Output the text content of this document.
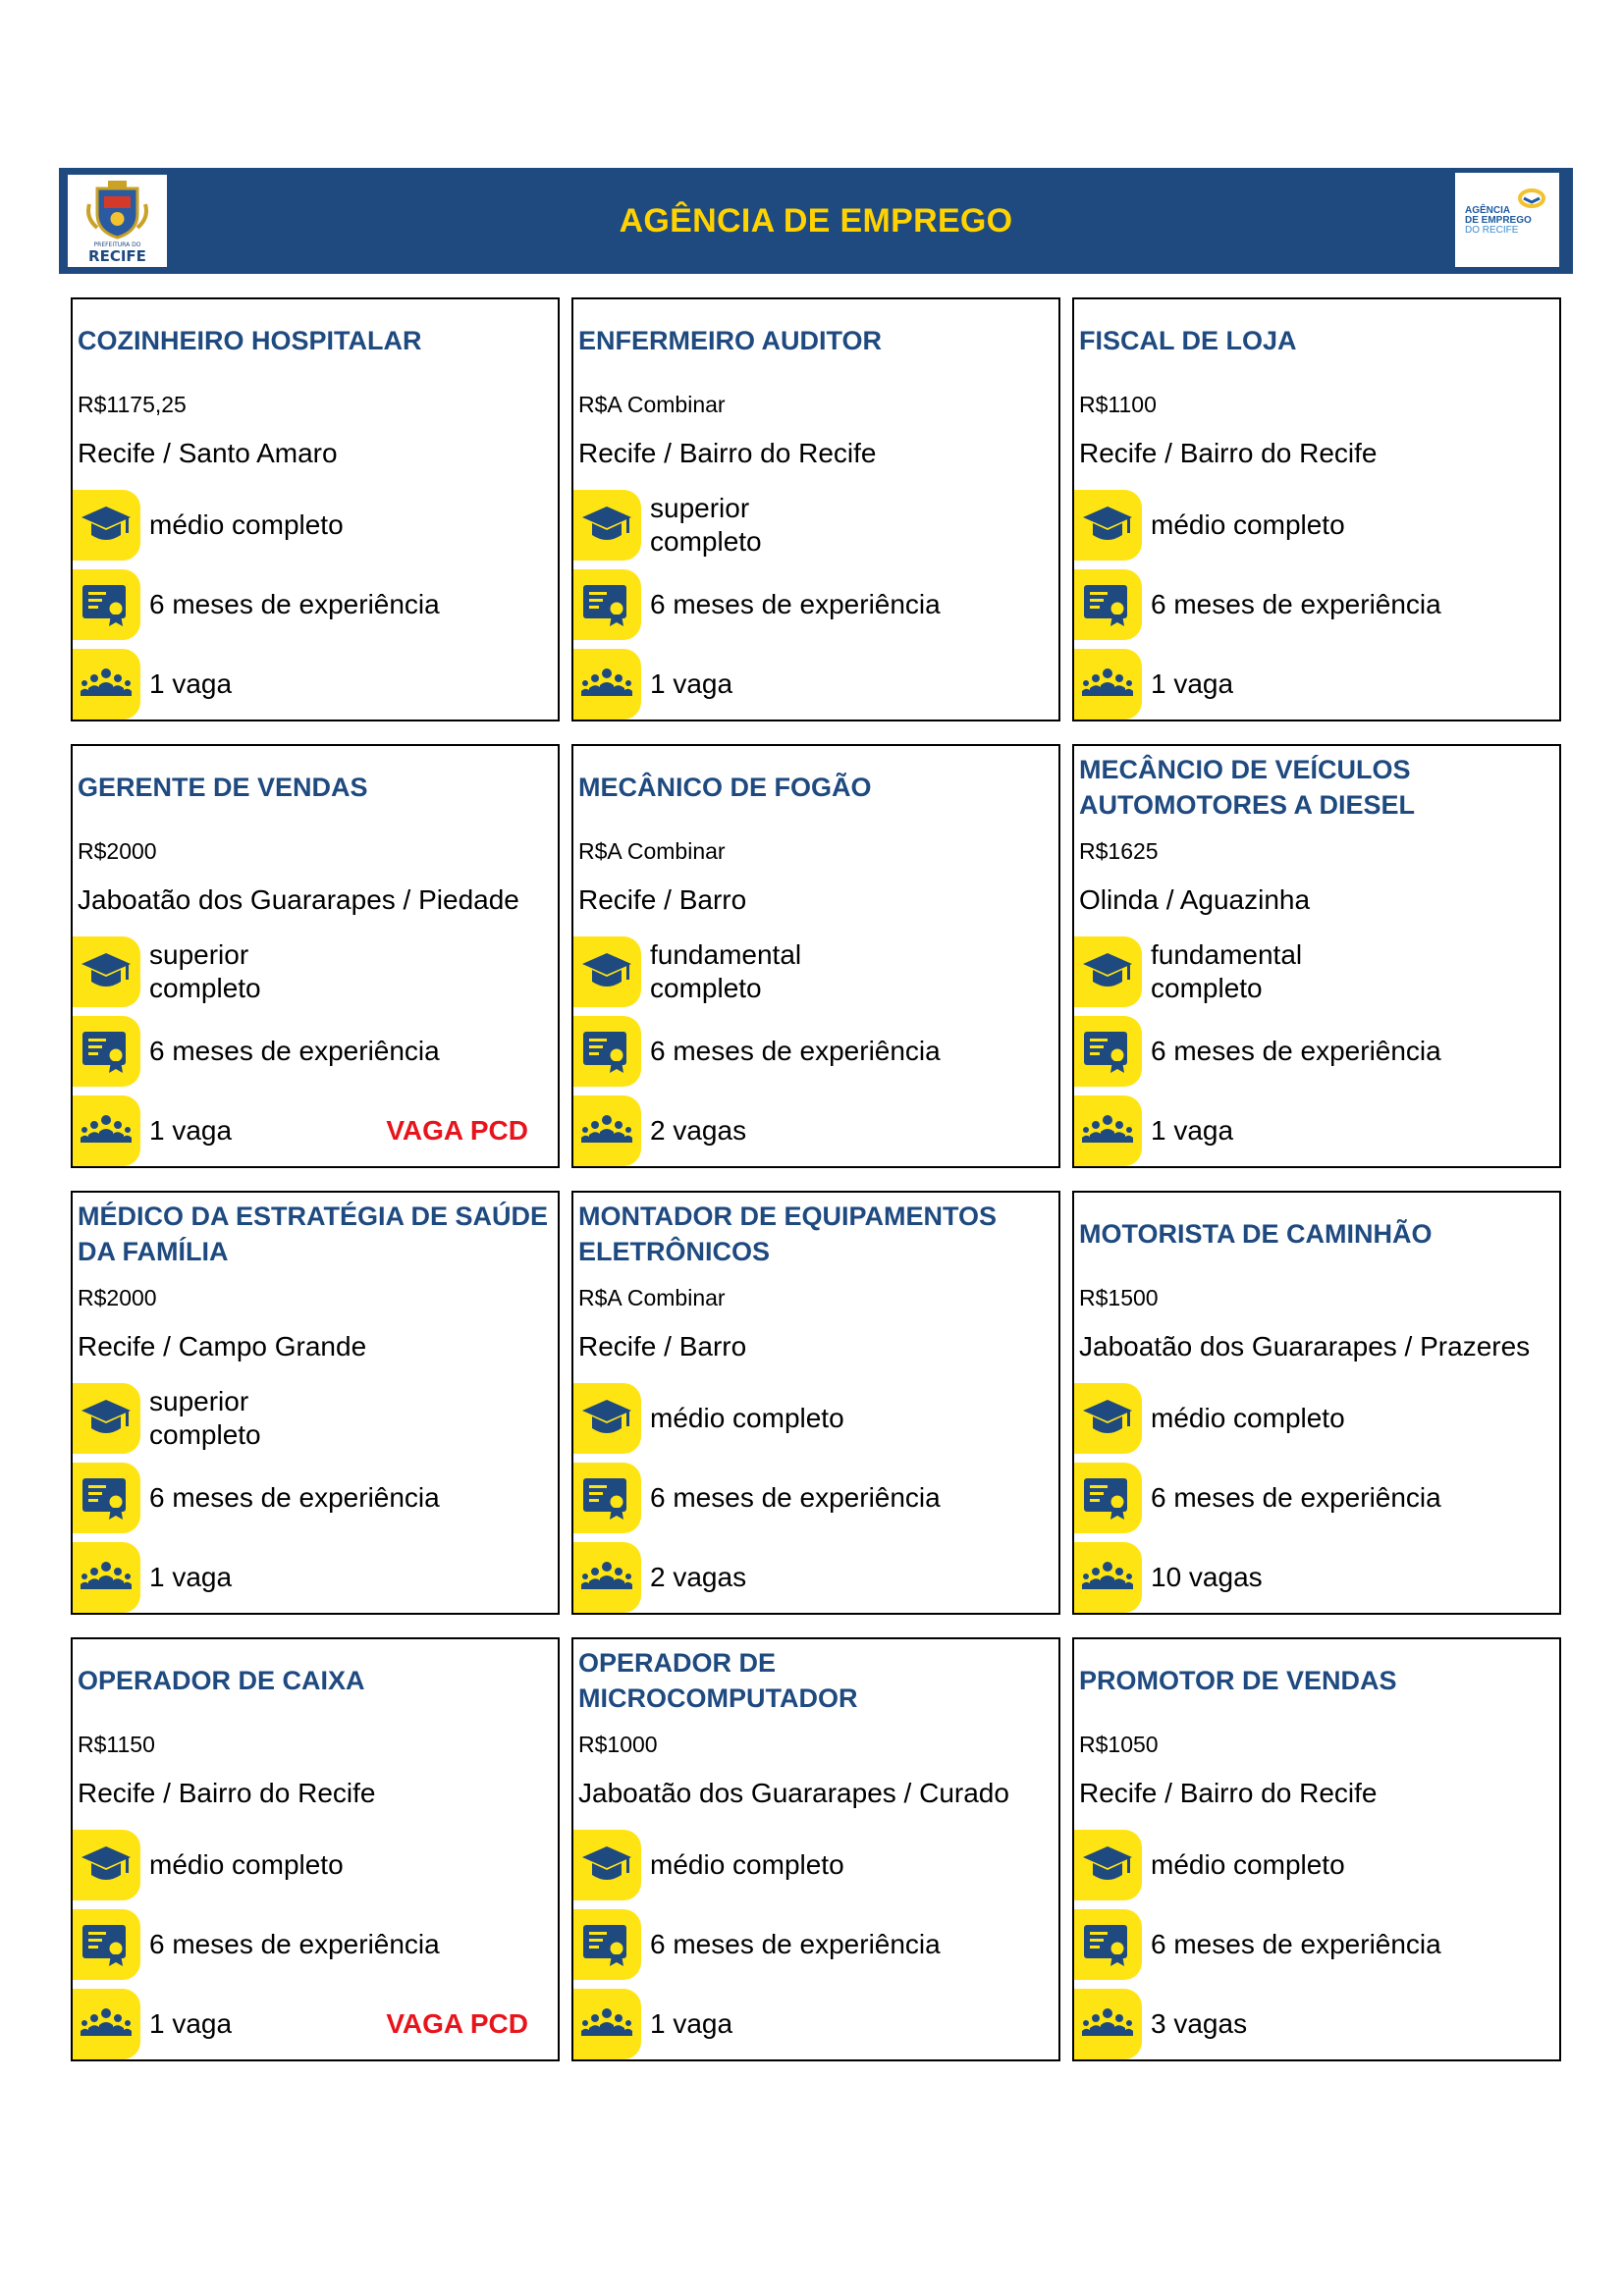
PREFEITURA DO
RECIFE
AGÊNCIA DE EMPREGO	AGÊNCIA
DE EMPREGO
DO RECIFE
COZINHEIRO HOSPITALAR
R$1175,25
Recife / Santo Amaro
médio completo
6 meses de experiência
1 vaga
ENFERMEIRO AUDITOR
R$A Combinar
Recife / Bairro do Recife
superior completo
6 meses de experiência
1 vaga
FISCAL DE LOJA
R$1100
Recife / Bairro do Recife
médio completo
6 meses de experiência
1 vaga
GERENTE DE VENDAS
R$2000
Jaboatão dos Guararapes / Piedade
superior completo
6 meses de experiência
1 vaga	VAGA PCD
MECÂNICO DE FOGÃO
R$A Combinar
Recife / Barro
fundamental completo
6 meses de experiência
2 vagas
MECÂNCIO DE VEÍCULOS AUTOMOTORES A DIESEL
R$1625
Olinda / Aguazinha
fundamental completo
6 meses de experiência
1 vaga
MÉDICO DA ESTRATÉGIA DE SAÚDE DA FAMÍLIA
R$2000
Recife / Campo Grande
superior completo
6 meses de experiência
1 vaga
MONTADOR DE EQUIPAMENTOS ELETRÔNICOS
R$A Combinar
Recife / Barro
médio completo
6 meses de experiência
2 vagas
MOTORISTA DE CAMINHÃO
R$1500
Jaboatão dos Guararapes / Prazeres
médio completo
6 meses de experiência
10 vagas
OPERADOR DE CAIXA
R$1150
Recife / Bairro do Recife
médio completo
6 meses de experiência
1 vaga	VAGA PCD
OPERADOR DE MICROCOMPUTADOR
R$1000
Jaboatão dos Guararapes / Curado
médio completo
6 meses de experiência
1 vaga
PROMOTOR DE VENDAS
R$1050
Recife / Bairro do Recife
médio completo
6 meses de experiência
3 vagas
